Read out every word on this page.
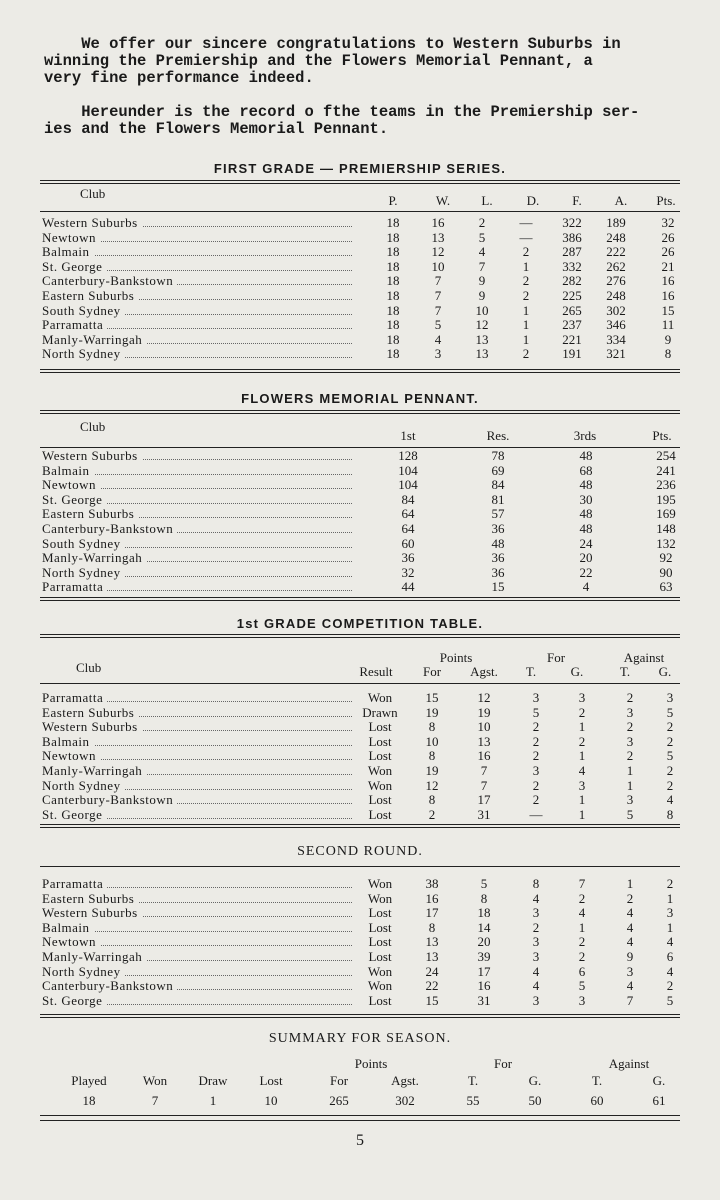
We offer our sincere congratulations to Western Suburbs in
winning the Premiership and the Flowers Memorial Pennant, a
very fine performance indeed.
Hereunder is the record o fthe teams in the Premiership ser-
ies and the Flowers Memorial Pennant.
FIRST GRADE — PREMIERSHIP SERIES.
Club	P.	W.	L.	D.	F.	A.	Pts.
Western Suburbs	18	16	2	—	322	189	32
Newtown	18	13	5	—	386	248	26
Balmain	18	12	4	2	287	222	26
St. George	18	10	7	1	332	262	21
Canterbury-Bankstown	18	7	9	2	282	276	16
Eastern Suburbs	18	7	9	2	225	248	16
South Sydney	18	7	10	1	265	302	15
Parramatta	18	5	12	1	237	346	11
Manly-Warringah	18	4	13	1	221	334	9
North Sydney	18	3	13	2	191	321	8
FLOWERS MEMORIAL PENNANT.
Club
1st	Res.	3rds	Pts.
Western Suburbs	128	78	48	254
Balmain	104	69	68	241
Newtown	104	84	48	236
St. George	84	81	30	195
Eastern Suburbs	64	57	48	169
Canterbury-Bankstown	64	36	48	148
South Sydney	60	48	24	132
Manly-Warringah	36	36	20	92
North Sydney	32	36	22	90
Parramatta	44	15	4	63
1st GRADE COMPETITION TABLE.
Points	For	Against
Club	Result	For	Agst.	T.	G.	T.	G.
Parramatta	Won	15	12	3	3	2	3
Eastern Suburbs	Drawn	19	19	5	2	3	5
Western Suburbs	Lost	8	10	2	1	2	2
Balmain	Lost	10	13	2	2	3	2
Newtown	Lost	8	16	2	1	2	5
Manly-Warringah	Won	19	7	3	4	1	2
North Sydney	Won	12	7	2	3	1	2
Canterbury-Bankstown	Lost	8	17	2	1	3	4
St. George	Lost	2	31	—	1	5	8
SECOND ROUND.
Parramatta	Won	38	5	8	7	1	2
Eastern Suburbs	Won	16	8	4	2	2	1
Western Suburbs	Lost	17	18	3	4	4	3
Balmain	Lost	8	14	2	1	4	1
Newtown	Lost	13	20	3	2	4	4
Manly-Warringah	Lost	13	39	3	2	9	6
North Sydney	Won	24	17	4	6	3	4
Canterbury-Bankstown	Won	22	16	4	5	4	2
St. George	Lost	15	31	3	3	7	5
SUMMARY FOR SEASON.
Points	For	Against
Played	Won	Draw	Lost	For	Agst.	T.	G.	T.	G.
18	7	1	10	265	302	55	50	60	61
5
